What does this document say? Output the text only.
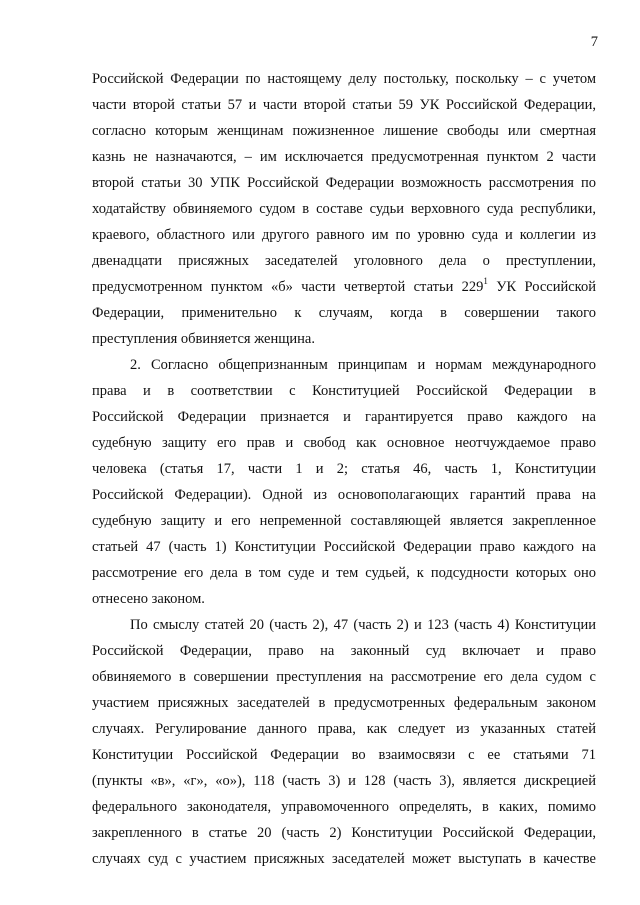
7
Российской Федерации по настоящему делу постольку, поскольку – с учетом
части второй статьи 57 и части второй статьи 59 УК Российской Федерации,
согласно которым женщинам пожизненное лишение свободы или смертная
казнь не назначаются, – им исключается предусмотренная пунктом 2 части
второй статьи 30 УПК Российской Федерации возможность рассмотрения по
ходатайству обвиняемого судом в составе судьи верховного суда республики,
краевого, областного или другого равного им по уровню суда и коллегии из
двенадцати присяжных заседателей уголовного дела о преступлении,
предусмотренном пунктом «б» части четвертой статьи $229^1$ УК Российской
Федерации, применительно к случаям, когда в совершении такого
преступления обвиняется женщина.
2. Согласно общепризнанным принципам и нормам международного
права и в соответствии с Конституцией Российской Федерации в
Российской Федерации признается и гарантируется право каждого на
судебную защиту его прав и свобод как основное неотчуждаемое право
человека (статья 17, части 1 и 2; статья 46, часть 1, Конституции
Российской Федерации). Одной из основополагающих гарантий права на
судебную защиту и его непременной составляющей является закрепленное
статьей 47 (часть 1) Конституции Российской Федерации право каждого на
рассмотрение его дела в том суде и тем судьей, к подсудности которых оно
отнесено законом.
По смыслу статей 20 (часть 2), 47 (часть 2) и 123 (часть 4) Конституции
Российской Федерации, право на законный суд включает и право
обвиняемого в совершении преступления на рассмотрение его дела судом с
участием присяжных заседателей в предусмотренных федеральным законом
случаях. Регулирование данного права, как следует из указанных статей
Конституции Российской Федерации во взаимосвязи с ее статьями 71
(пункты «в», «г», «о»), 118 (часть 3) и 128 (часть 3), является дискрецией
федерального законодателя, управомоченного определять, в каких, помимо
закрепленного в статье 20 (часть 2) Конституции Российской Федерации,
случаях суд с участием присяжных заседателей может выступать в качестве
